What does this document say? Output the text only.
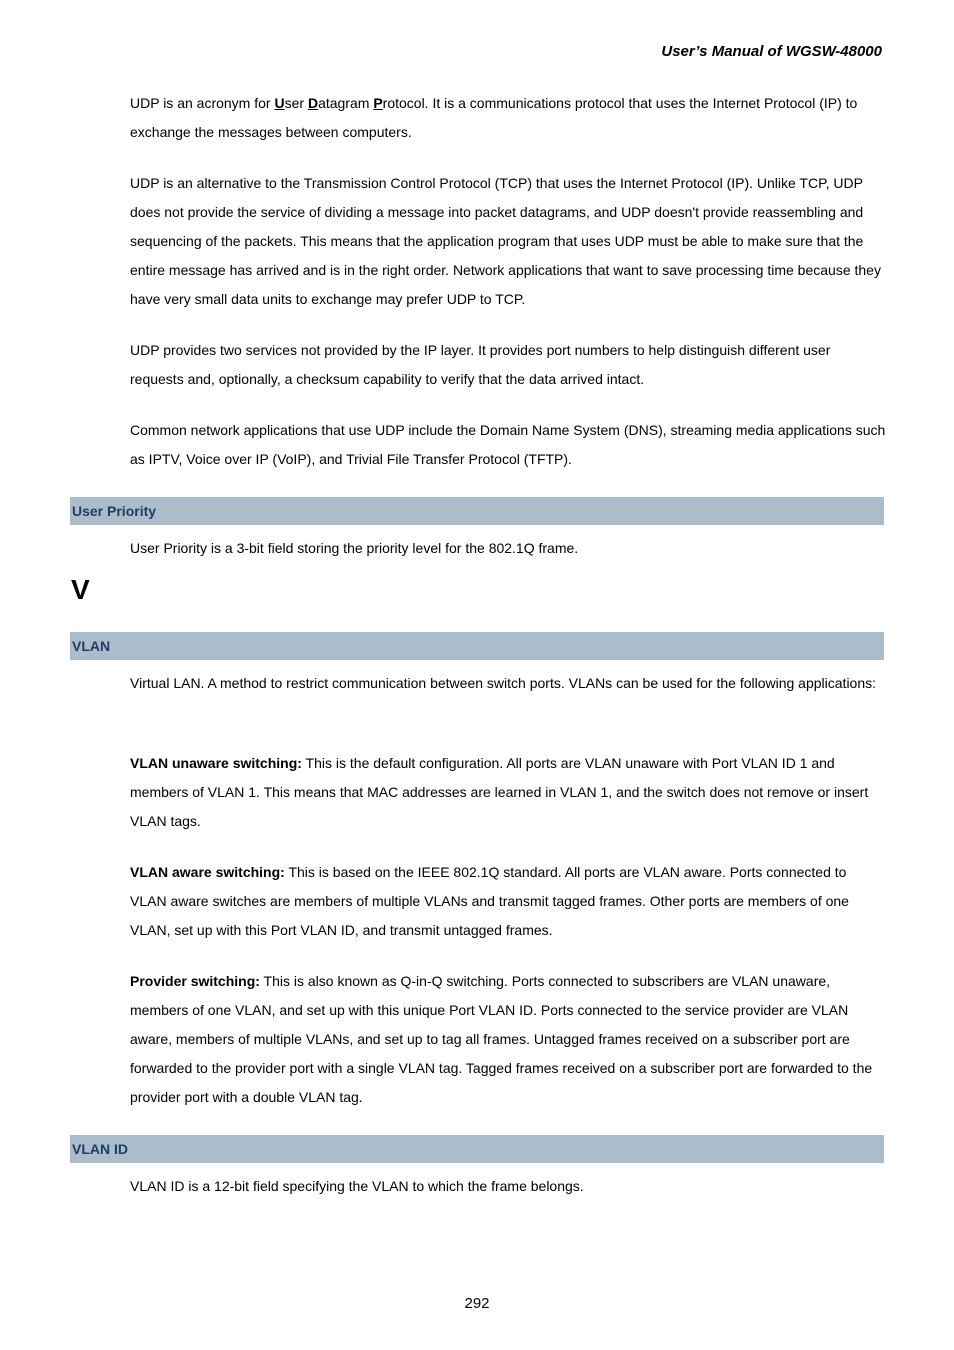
User’s Manual of WGSW-48000

UDP is an acronym for User Datagram Protocol. It is a communications protocol that uses the Internet Protocol (IP) to exchange the messages between computers.

UDP is an alternative to the Transmission Control Protocol (TCP) that uses the Internet Protocol (IP). Unlike TCP, UDP does not provide the service of dividing a message into packet datagrams, and UDP doesn't provide reassembling and sequencing of the packets. This means that the application program that uses UDP must be able to make sure that the entire message has arrived and is in the right order. Network applications that want to save processing time because they have very small data units to exchange may prefer UDP to TCP.

UDP provides two services not provided by the IP layer. It provides port numbers to help distinguish different user requests and, optionally, a checksum capability to verify that the data arrived intact.

Common network applications that use UDP include the Domain Name System (DNS), streaming media applications such as IPTV, Voice over IP (VoIP), and Trivial File Transfer Protocol (TFTP).

User Priority

User Priority is a 3-bit field storing the priority level for the 802.1Q frame.

V
VLAN

Virtual LAN. A method to restrict communication between switch ports. VLANs can be used for the following applications:

VLAN unaware switching: This is the default configuration. All ports are VLAN unaware with Port VLAN ID 1 and members of VLAN 1. This means that MAC addresses are learned in VLAN 1, and the switch does not remove or insert VLAN tags.

VLAN aware switching: This is based on the IEEE 802.1Q standard. All ports are VLAN aware. Ports connected to VLAN aware switches are members of multiple VLANs and transmit tagged frames. Other ports are members of one VLAN, set up with this Port VLAN ID, and transmit untagged frames.

Provider switching: This is also known as Q-in-Q switching. Ports connected to subscribers are VLAN unaware, members of one VLAN, and set up with this unique Port VLAN ID. Ports connected to the service provider are VLAN aware, members of multiple VLANs, and set up to tag all frames. Untagged frames received on a subscriber port are forwarded to the provider port with a single VLAN tag. Tagged frames received on a subscriber port are forwarded to the provider port with a double VLAN tag.

VLAN ID

VLAN ID is a 12-bit field specifying the VLAN to which the frame belongs.

292
